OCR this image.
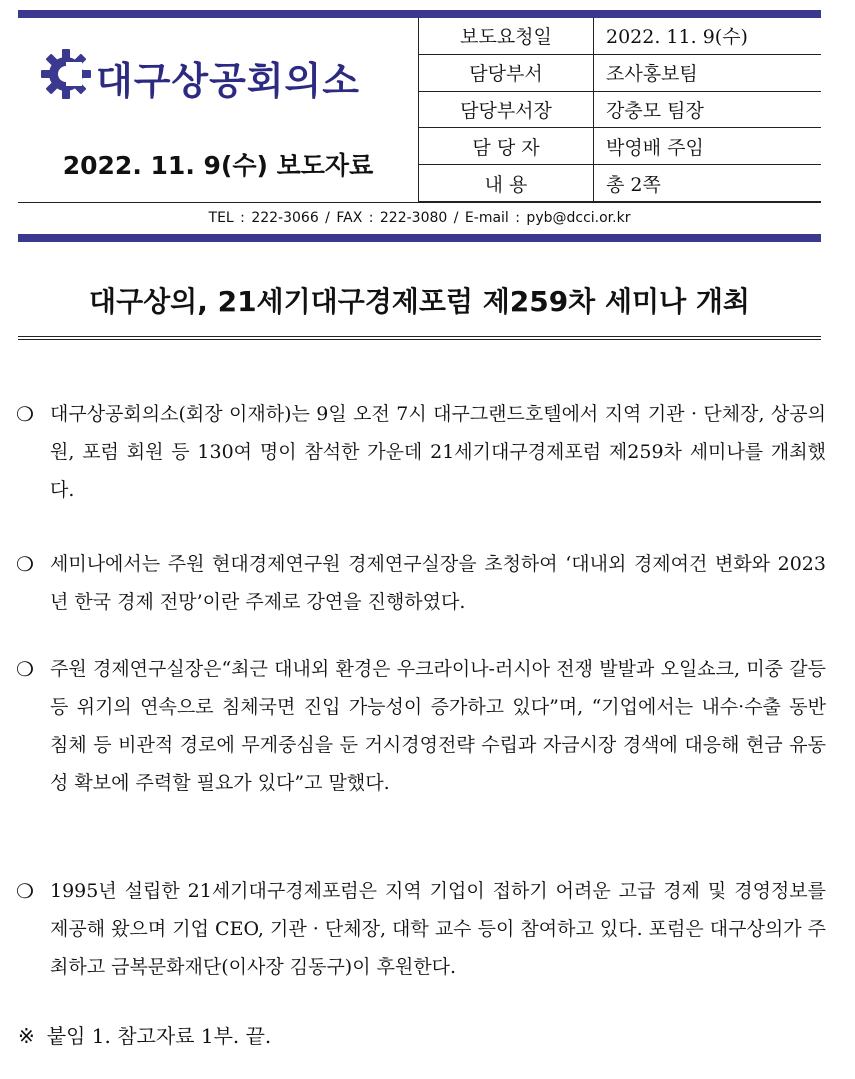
대구상공회의소
2022. 11. 9(수) 보도자료
보도요청일	2022. 11. 9(수)
담당부서	조사홍보팀
담당부서장	강충모 팀장
담 당 자	박영배 주임
내 용	총 2쪽
TEL : 222-3066 / FAX : 222-3080 / E-mail : pyb@dcci.or.kr
대구상의, 21세기대구경제포럼 제259차 세미나 개최
❍ 대구상공회의소(회장 이재하)는 9일 오전 7시 대구그랜드호텔에서 지역 기관 · 단체장, 상공의원, 포럼 회원 등 130여 명이 참석한 가운데 21세기대구경제포럼 제259차 세미나를 개최했다.
❍ 세미나에서는 주원 현대경제연구원 경제연구실장을 초청하여 ‘대내외 경제여건 변화와 2023년 한국 경제 전망’이란 주제로 강연을 진행하였다.
❍ 주원 경제연구실장은“최근 대내외 환경은 우크라이나-러시아 전쟁 발발과 오일쇼크, 미중 갈등 등 위기의 연속으로 침체국면 진입 가능성이 증가하고 있다”며, “기업에서는 내수·수출 동반 침체 등 비관적 경로에 무게중심을 둔 거시경영전략 수립과 자금시장 경색에 대응해 현금 유동성 확보에 주력할 필요가 있다”고 말했다.
❍ 1995년 설립한 21세기대구경제포럼은 지역 기업이 접하기 어려운 고급 경제 및 경영정보를 제공해 왔으며 기업 CEO, 기관 · 단체장, 대학 교수 등이 참여하고 있다. 포럼은 대구상의가 주최하고 금복문화재단(이사장 김동구)이 후원한다.
※ 붙임 1. 참고자료 1부. 끝.
